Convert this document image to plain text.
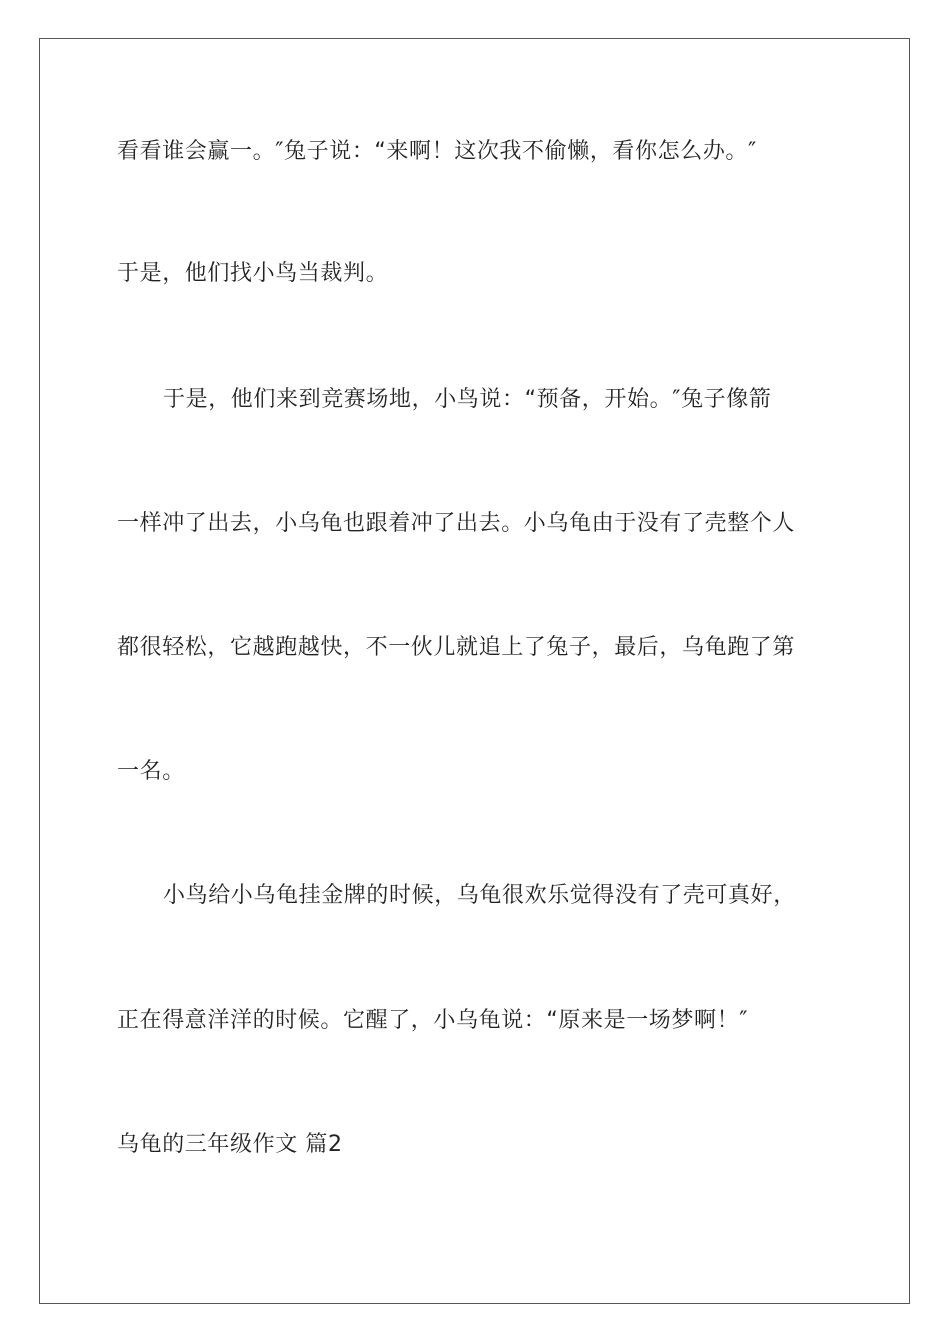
看看谁会赢一。″兔子说：“来啊！这次我不偷懒，看你怎么办。″
于是，他们找小鸟当裁判。
于是，他们来到竞赛场地，小鸟说：“预备，开始。″兔子像箭
一样冲了出去，小乌龟也跟着冲了出去。小乌龟由于没有了壳整个人
都很轻松，它越跑越快，不一伙儿就追上了兔子，最后，乌龟跑了第
一名。
小鸟给小乌龟挂金牌的时候，乌龟很欢乐觉得没有了壳可真好，
正在得意洋洋的时候。它醒了，小乌龟说：“原来是一场梦啊！″
乌龟的三年级作文 篇2
